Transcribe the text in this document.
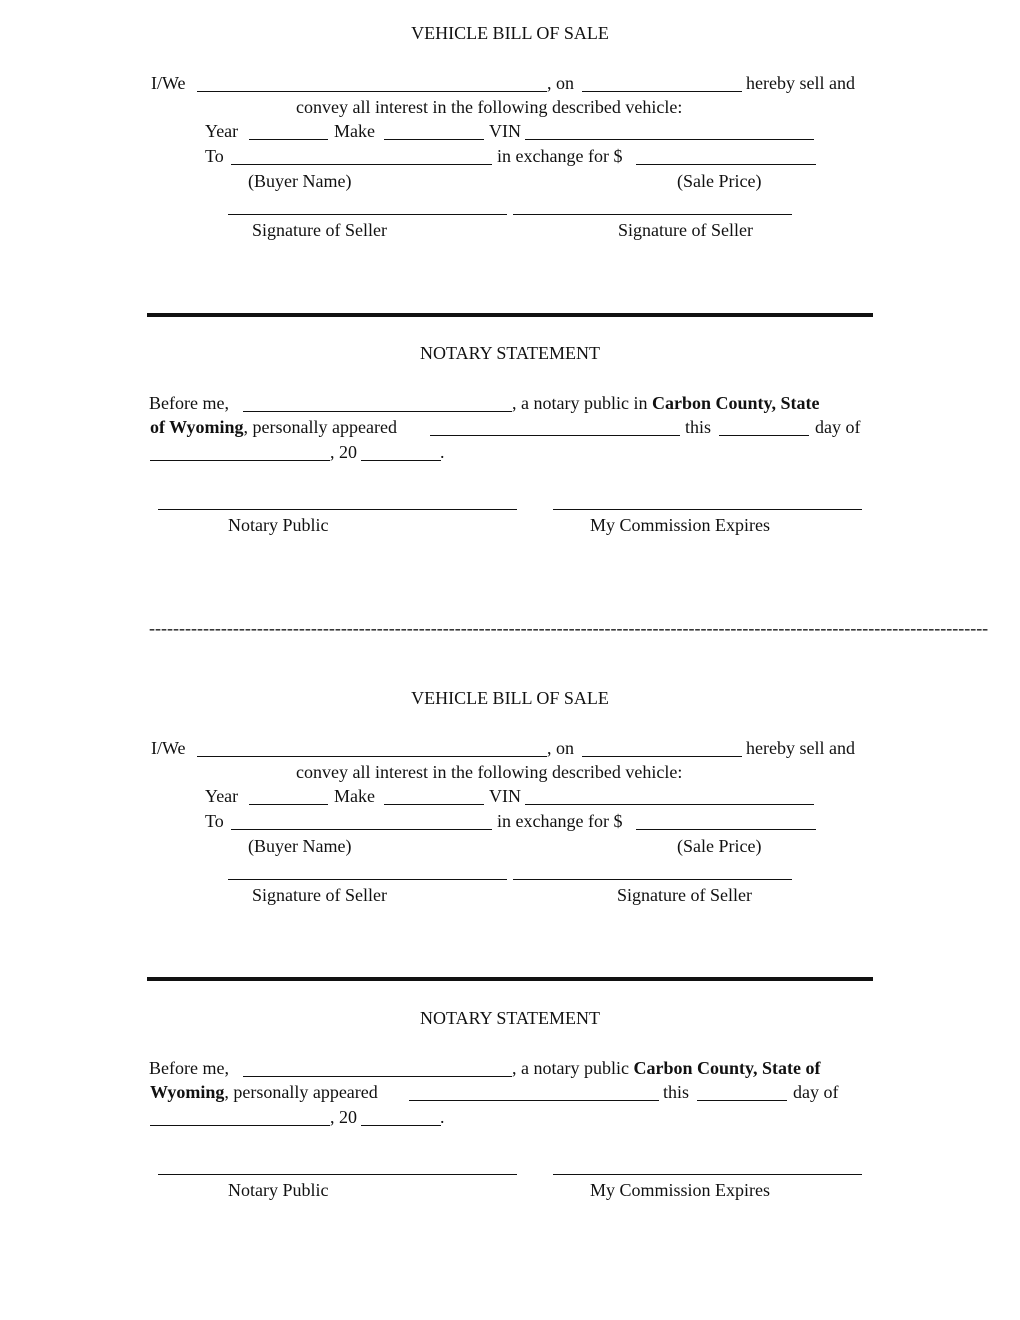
VEHICLE BILL OF SALE
I/We	, on	hereby sell and
convey all interest in the following described vehicle:
Year	Make	VIN
To	in exchange for $
(Buyer Name)	(Sale Price)
Signature of Seller	Signature of Seller
NOTARY STATEMENT
Before me,	, a notary public in Carbon County, State
of Wyoming, personally appeared	this	day of
, 20	.
Notary Public	My Commission Expires
--------------------------------------------------------------------------------------------------------------------------------------------
VEHICLE BILL OF SALE
I/We	, on	hereby sell and
convey all interest in the following described vehicle:
Year	Make	VIN
To	in exchange for $
(Buyer Name)	(Sale Price)
Signature of Seller	Signature of Seller
NOTARY STATEMENT
Before me,	, a notary public Carbon County, State of
Wyoming, personally appeared	this	day of
, 20	.
Notary Public	My Commission Expires
